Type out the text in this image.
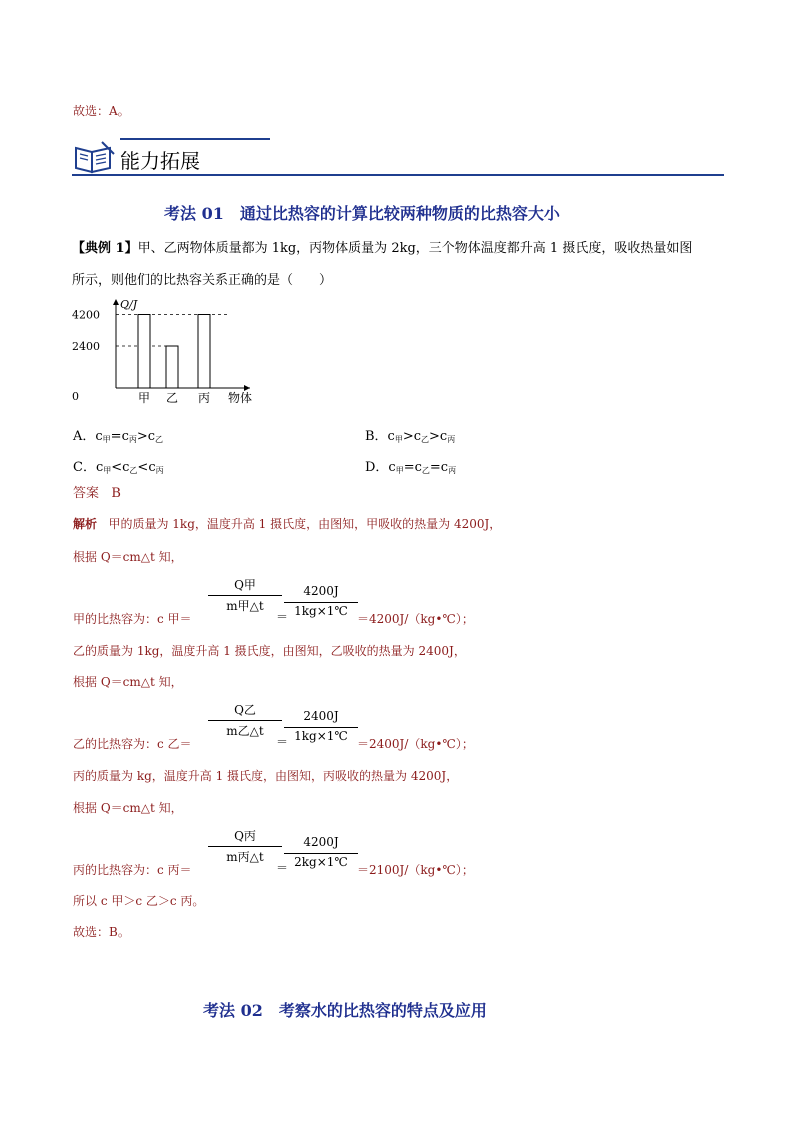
故选：A。
能力拓展
考法 01　通过比热容的计算比较两种物质的比热容大小
【典例 1】甲、乙两物体质量都为 1kg，丙物体质量为 2kg，三个物体温度都升高 1 摄氏度，吸收热量如图
所示，则他们的比热容关系正确的是（　　）
Q/J
物体
4200
2400
0	甲 乙 丙
A．$c_甲=c_丙>c_乙$	B．$c_甲>c_乙>c_丙$
C．$c_甲<c_乙<c_丙$	D．$c_甲=c_乙=c_丙$
答案 B
解析 甲的质量为 1kg，温度升高 1 摄氏度，由图知，甲吸收的热量为 4200J，
根据 Q＝cm△t 知，
Q甲
m甲△t
4200J
1kg×1℃
＝
甲的比热容为：c 甲＝	＝4200J/（kg•℃）；
乙的质量为 1kg，温度升高 1 摄氏度，由图知，乙吸收的热量为 2400J，
根据 Q＝cm△t 知，
Q乙
m乙△t
2400J
1kg×1℃
＝
乙的比热容为：c 乙＝	＝2400J/（kg•℃）；
丙的质量为 kg，温度升高 1 摄氏度，由图知，丙吸收的热量为 4200J，
根据 Q＝cm△t 知，
Q丙
m丙△t
4200J
2kg×1℃
＝
丙的比热容为：c 丙＝	＝2100J/（kg•℃）；
所以 c 甲＞c 乙＞c 丙。
故选：B。
考法 02　考察水的比热容的特点及应用
